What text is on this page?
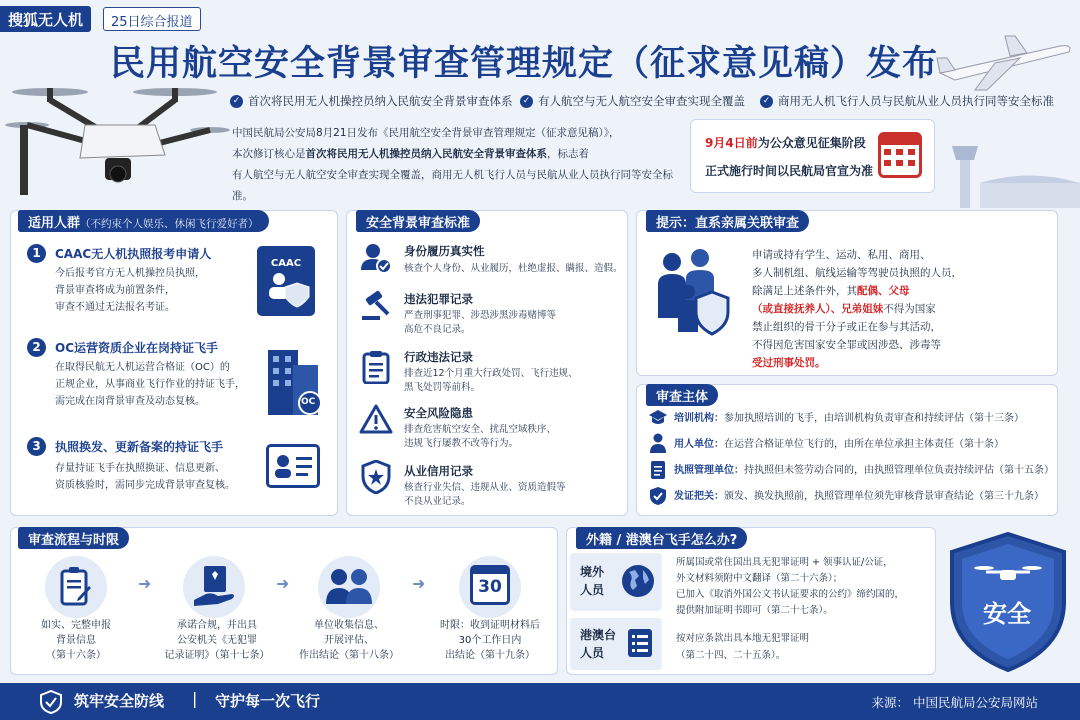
搜狐无人机	25日综合报道
民用航空安全背景审查管理规定（征求意见稿）发布
✓ 首次将民用无人机操控员纳入民航安全背景审查体系	✓ 有人航空与无人航空安全审查实现全覆盖	✓ 商用无人机飞行人员与民航从业人员执行同等安全标准
中国民航局公安局8月21日发布《民用航空安全背景审查管理规定（征求意见稿）》，
本次修订核心是首次将民用无人机操控员纳入民航安全背景审查体系，标志着
有人航空与无人航空安全审查实现全覆盖，商用无人机飞行人员与民航从业人员执行同等安全标准。
9月4日前为公众意见征集阶段
正式施行时间以民航局官宣为准
适用人群（不约束个人娱乐、休闲飞行爱好者）
1	CAAC无人机执照报考申请人
今后报考官方无人机操控员执照，
背景审查将成为前置条件，
审查不通过无法报名考证。
CAAC
2	OC运营资质企业在岗持证飞手
在取得民航无人机运营合格证（OC）的
正规企业，从事商业飞行作业的持证飞手，
需完成在岗背景审查及动态复核。	OC
3	执照换发、更新备案的持证飞手
存量持证飞手在执照换证、信息更新、
资质核验时，需同步完成背景审查复核。
安全背景审查标准
身份履历真实性
核查个人身份、从业履历，杜绝虚报、瞒报、造假。
违法犯罪记录
严查刑事犯罪、涉恐涉黑涉毒赌博等
高危不良记录。
行政违法记录
排查近12个月重大行政处罚、飞行违规、
黑飞处罚等前科。
安全风险隐患
排查危害航空安全、扰乱空域秩序、
违规飞行屡教不改等行为。
从业信用记录
核查行业失信、违规从业、资质造假等
不良从业记录。
提示：直系亲属关联审查
申请或持有学生、运动、私用、商用、
多人制机组、航线运输等驾驶员执照的人员，
除满足上述条件外，其配偶、父母
（或直接抚养人）、兄弟姐妹不得为国家
禁止组织的骨干分子或正在参与其活动，
不得因危害国家安全罪或因涉恐、涉毒等
受过刑事处罚。
审查主体
培训机构：参加执照培训的飞手，由培训机构负责审查和持续评估（第十三条）
用人单位：在运营合格证单位飞行的，由所在单位承担主体责任（第十条）
执照管理单位：持执照但未签劳动合同的，由执照管理单位负责持续评估（第十五条）
发证把关：颁发、换发执照前，执照管理单位须先审核背景审查结论（第三十九条）
审查流程与时限
如实、完整申报
背景信息
（第十六条）
➜
承诺合规，并出具
公安机关《无犯罪
记录证明》（第十七条）
➜
单位收集信息、
开展评估、
作出结论（第十八条）
➜	30
时限：收到证明材料后
30个工作日内
出结论（第十九条）
外籍 / 港澳台飞手怎么办?
境外
人员
所属国或常住国出具无犯罪证明 + 领事认证/公证，
外文材料须附中文翻译（第二十六条）；
已加入《取消外国公文书认证要求的公约》缔约国的，
提供附加证明书即可（第二十七条）。
港澳台
人员
按对应条款出具本地无犯罪证明
（第二十四、二十五条）。
安全
筑牢安全防线 | 守护每一次飞行	来源： 中国民航局公安局网站
